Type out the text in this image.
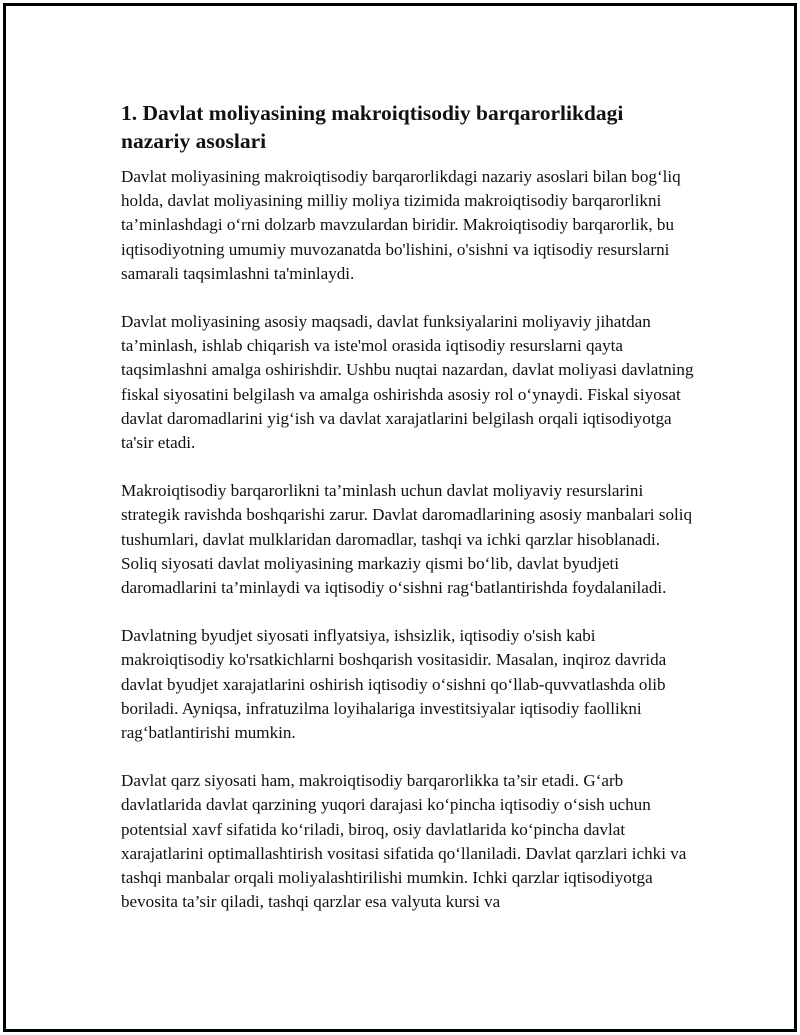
1. Davlat moliyasining makroiqtisodiy barqarorlikdagi nazariy asoslari

Davlat moliyasining makroiqtisodiy barqarorlikdagi nazariy asoslari bilan bog‘liq holda, davlat moliyasining milliy moliya tizimida makroiqtisodiy barqarorlikni ta’minlashdagi o‘rni dolzarb mavzulardan biridir. Makroiqtisodiy barqarorlik, bu iqtisodiyotning umumiy muvozanatda bo'lishini, o'sishni va iqtisodiy resurslarni samarali taqsimlashni ta'minlaydi.

Davlat moliyasining asosiy maqsadi, davlat funksiyalarini moliyaviy jihatdan ta’minlash, ishlab chiqarish va iste'mol orasida iqtisodiy resurslarni qayta taqsimlashni amalga oshirishdir. Ushbu nuqtai nazardan, davlat moliyasi davlatning fiskal siyosatini belgilash va amalga oshirishda asosiy rol o‘ynaydi. Fiskal siyosat davlat daromadlarini yig‘ish va davlat xarajatlarini belgilash orqali iqtisodiyotga ta'sir etadi.

Makroiqtisodiy barqarorlikni ta’minlash uchun davlat moliyaviy resurslarini strategik ravishda boshqarishi zarur. Davlat daromadlarining asosiy manbalari soliq tushumlari, davlat mulklaridan daromadlar, tashqi va ichki qarzlar hisoblanadi. Soliq siyosati davlat moliyasining markaziy qismi bo‘lib, davlat byudjeti daromadlarini ta’minlaydi va iqtisodiy o‘sishni rag‘batlantirishda foydalaniladi.

Davlatning byudjet siyosati inflyatsiya, ishsizlik, iqtisodiy o'sish kabi makroiqtisodiy ko'rsatkichlarni boshqarish vositasidir. Masalan, inqiroz davrida davlat byudjet xarajatlarini oshirish iqtisodiy o‘sishni qo‘llab-quvvatlashda olib boriladi. Ayniqsa, infratuzilma loyihalariga investitsiyalar iqtisodiy faollikni rag‘batlantirishi mumkin.

Davlat qarz siyosati ham, makroiqtisodiy barqarorlikka ta’sir etadi. G‘arb davlatlarida davlat qarzining yuqori darajasi ko‘pincha iqtisodiy o‘sish uchun potentsial xavf sifatida ko‘riladi, biroq, osiy davlatlarida ko‘pincha davlat xarajatlarini optimallashtirish vositasi sifatida qo‘llaniladi. Davlat qarzlari ichki va tashqi manbalar orqali moliyalashtirilishi mumkin. Ichki qarzlar iqtisodiyotga bevosita ta’sir qiladi, tashqi qarzlar esa valyuta kursi va
